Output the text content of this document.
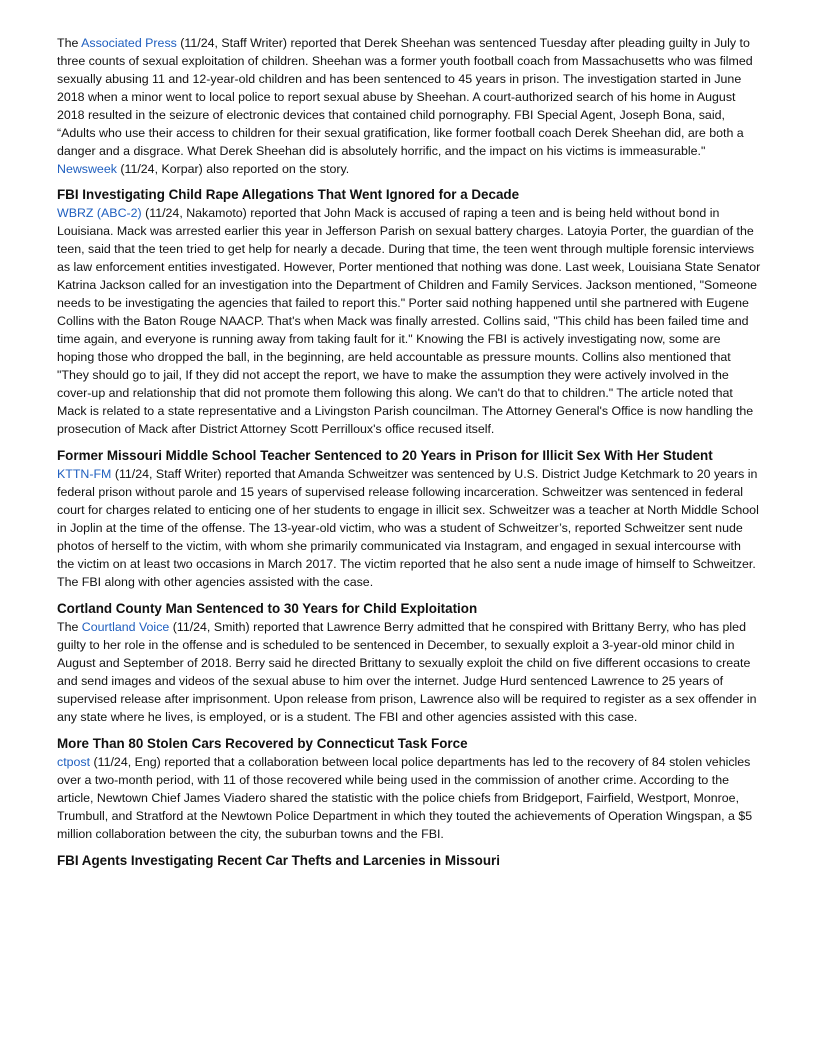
The Associated Press (11/24, Staff Writer) reported that Derek Sheehan was sentenced Tuesday after pleading guilty in July to three counts of sexual exploitation of children. Sheehan was a former youth football coach from Massachusetts who was filmed sexually abusing 11 and 12-year-old children and has been sentenced to 45 years in prison. The investigation started in June 2018 when a minor went to local police to report sexual abuse by Sheehan. A court-authorized search of his home in August 2018 resulted in the seizure of electronic devices that contained child pornography. FBI Special Agent, Joseph Bona, said, “Adults who use their access to children for their sexual gratification, like former football coach Derek Sheehan did, are both a danger and a disgrace. What Derek Sheehan did is absolutely horrific, and the impact on his victims is immeasurable." Newsweek (11/24, Korpar) also reported on the story.

FBI Investigating Child Rape Allegations That Went Ignored for a Decade

WBRZ (ABC-2) (11/24, Nakamoto) reported that John Mack is accused of raping a teen and is being held without bond in Louisiana. Mack was arrested earlier this year in Jefferson Parish on sexual battery charges. Latoyia Porter, the guardian of the teen, said that the teen tried to get help for nearly a decade. During that time, the teen went through multiple forensic interviews as law enforcement entities investigated. However, Porter mentioned that nothing was done. Last week, Louisiana State Senator Katrina Jackson called for an investigation into the Department of Children and Family Services. Jackson mentioned, "Someone needs to be investigating the agencies that failed to report this." Porter said nothing happened until she partnered with Eugene Collins with the Baton Rouge NAACP. That's when Mack was finally arrested. Collins said, "This child has been failed time and time again, and everyone is running away from taking fault for it." Knowing the FBI is actively investigating now, some are hoping those who dropped the ball, in the beginning, are held accountable as pressure mounts. Collins also mentioned that "They should go to jail, If they did not accept the report, we have to make the assumption they were actively involved in the cover-up and relationship that did not promote them following this along. We can't do that to children." The article noted that Mack is related to a state representative and a Livingston Parish councilman. The Attorney General's Office is now handling the prosecution of Mack after District Attorney Scott Perrilloux's office recused itself.

Former Missouri Middle School Teacher Sentenced to 20 Years in Prison for Illicit Sex With Her Student

KTTN-FM (11/24, Staff Writer) reported that Amanda Schweitzer was sentenced by U.S. District Judge Ketchmark to 20 years in federal prison without parole and 15 years of supervised release following incarceration. Schweitzer was sentenced in federal court for charges related to enticing one of her students to engage in illicit sex. Schweitzer was a teacher at North Middle School in Joplin at the time of the offense. The 13-year-old victim, who was a student of Schweitzer’s, reported Schweitzer sent nude photos of herself to the victim, with whom she primarily communicated via Instagram, and engaged in sexual intercourse with the victim on at least two occasions in March 2017. The victim reported that he also sent a nude image of himself to Schweitzer. The FBI along with other agencies assisted with the case.

Cortland County Man Sentenced to 30 Years for Child Exploitation

The Courtland Voice (11/24, Smith) reported that Lawrence Berry admitted that he conspired with Brittany Berry, who has pled guilty to her role in the offense and is scheduled to be sentenced in December, to sexually exploit a 3-year-old minor child in August and September of 2018. Berry said he directed Brittany to sexually exploit the child on five different occasions to create and send images and videos of the sexual abuse to him over the internet. Judge Hurd sentenced Lawrence to 25 years of supervised release after imprisonment. Upon release from prison, Lawrence also will be required to register as a sex offender in any state where he lives, is employed, or is a student. The FBI and other agencies assisted with this case.

More Than 80 Stolen Cars Recovered by Connecticut Task Force

ctpost (11/24, Eng) reported that a collaboration between local police departments has led to the recovery of 84 stolen vehicles over a two-month period, with 11 of those recovered while being used in the commission of another crime. According to the article, Newtown Chief James Viadero shared the statistic with the police chiefs from Bridgeport, Fairfield, Westport, Monroe, Trumbull, and Stratford at the Newtown Police Department in which they touted the achievements of Operation Wingspan, a $5 million collaboration between the city, the suburban towns and the FBI.

FBI Agents Investigating Recent Car Thefts and Larcenies in Missouri
